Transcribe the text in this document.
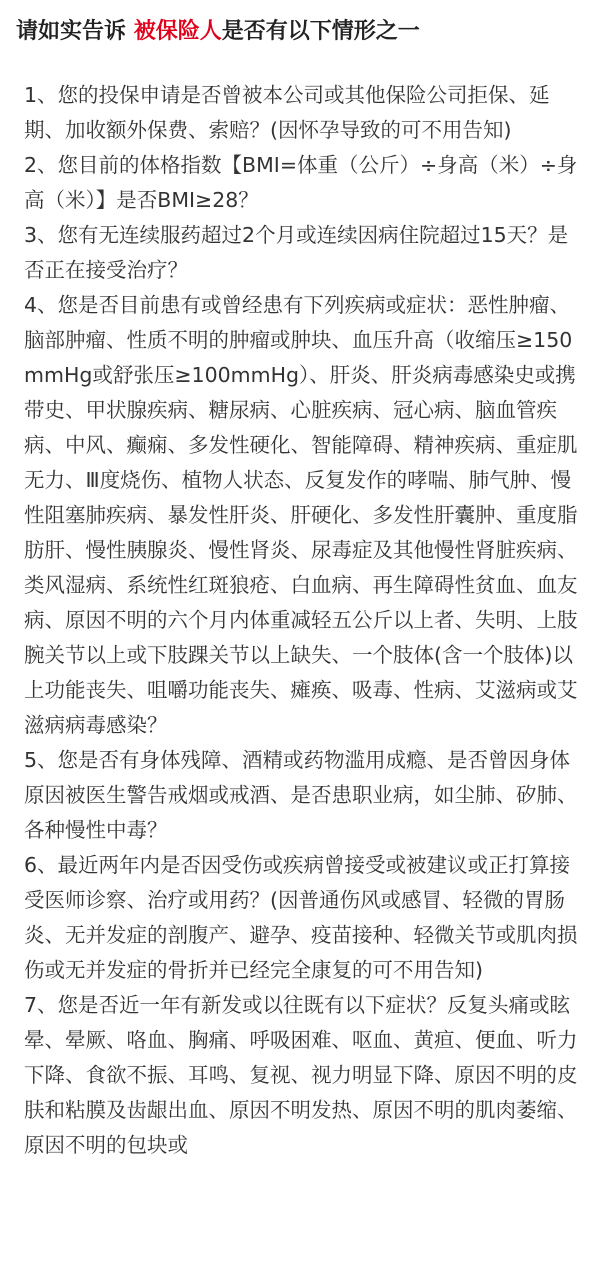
请如实告诉 被保险人是否有以下情形之一

1、您的投保申请是否曾被本公司或其他保险公司拒保、延期、加收额外保费、索赔？(因怀孕导致的可不用告知)

2、您目前的体格指数【BMI=体重（公斤）÷身高（米）÷身高（米）】是否BMI≥28？

3、您有无连续服药超过2个月或连续因病住院超过15天？是否正在接受治疗？

4、您是否目前患有或曾经患有下列疾病或症状：恶性肿瘤、脑部肿瘤、性质不明的肿瘤或肿块、血压升高（收缩压≥150mmHg或舒张压≥100mmHg）、肝炎、肝炎病毒感染史或携带史、甲状腺疾病、糖尿病、心脏疾病、冠心病、脑血管疾病、中风、癫痫、多发性硬化、智能障碍、精神疾病、重症肌无力、Ⅲ度烧伤、植物人状态、反复发作的哮喘、肺气肿、慢性阻塞肺疾病、暴发性肝炎、肝硬化、多发性肝囊肿、重度脂肪肝、慢性胰腺炎、慢性肾炎、尿毒症及其他慢性肾脏疾病、类风湿病、系统性红斑狼疮、白血病、再生障碍性贫血、血友病、原因不明的六个月内体重减轻五公斤以上者、失明、上肢腕关节以上或下肢踝关节以上缺失、一个肢体(含一个肢体)以上功能丧失、咀嚼功能丧失、瘫痪、吸毒、性病、艾滋病或艾滋病病毒感染？

5、您是否有身体残障、酒精或药物滥用成瘾、是否曾因身体原因被医生警告戒烟或戒酒、是否患职业病，如尘肺、矽肺、各种慢性中毒？

6、最近两年内是否因受伤或疾病曾接受或被建议或正打算接受医师诊察、治疗或用药？(因普通伤风或感冒、轻微的胃肠炎、无并发症的剖腹产、避孕、疫苗接种、轻微关节或肌肉损伤或无并发症的骨折并已经完全康复的可不用告知)

7、您是否近一年有新发或以往既有以下症状？反复头痛或眩晕、晕厥、咯血、胸痛、呼吸困难、呕血、黄疸、便血、听力下降、食欲不振、耳鸣、复视、视力明显下降、原因不明的皮肤和粘膜及齿龈出血、原因不明发热、原因不明的肌肉萎缩、原因不明的包块或
